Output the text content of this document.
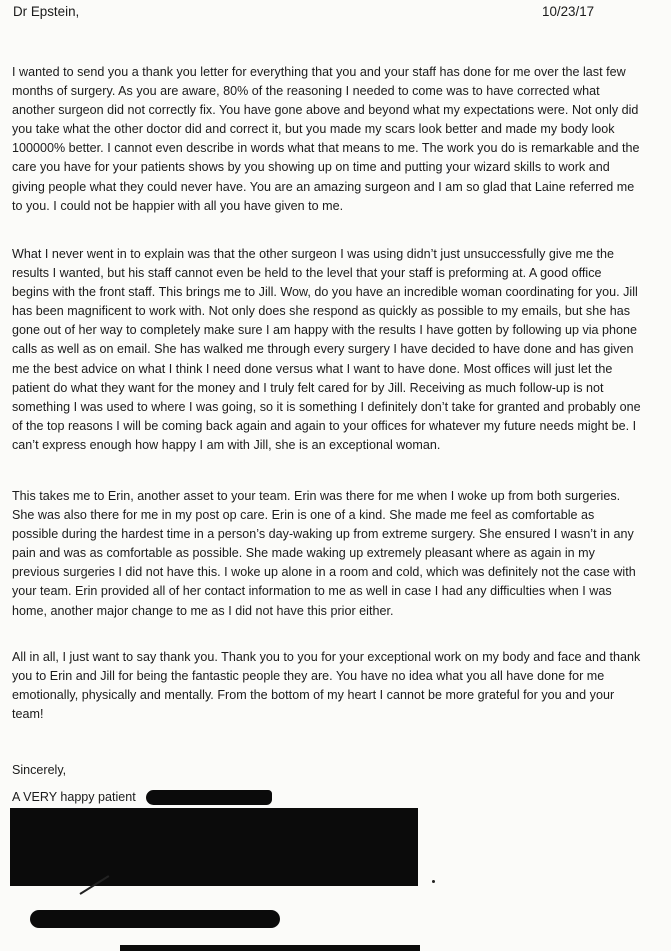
Dr Epstein,	10/23/17
I wanted to send you a thank you letter for everything that you and your staff has done for me over the last few months of surgery. As you are aware, 80% of the reasoning I needed to come was to have corrected what another surgeon did not correctly fix. You have gone above and beyond what my expectations were. Not only did you take what the other doctor did and correct it, but you made my scars look better and made my body look 100000% better. I cannot even describe in words what that means to me. The work you do is remarkable and the care you have for your patients shows by you showing up on time and putting your wizard skills to work and giving people what they could never have. You are an amazing surgeon and I am so glad that Laine referred me to you. I could not be happier with all you have given to me.
What I never went in to explain was that the other surgeon I was using didn’t just unsuccessfully give me the results I wanted, but his staff cannot even be held to the level that your staff is preforming at. A good office begins with the front staff. This brings me to Jill. Wow, do you have an incredible woman coordinating for you. Jill has been magnificent to work with. Not only does she respond as quickly as possible to my emails, but she has gone out of her way to completely make sure I am happy with the results I have gotten by following up via phone calls as well as on email. She has walked me through every surgery I have decided to have done and has given me the best advice on what I think I need done versus what I want to have done. Most offices will just let the patient do what they want for the money and I truly felt cared for by Jill. Receiving as much follow-up is not something I was used to where I was going, so it is something I definitely don’t take for granted and probably one of the top reasons I will be coming back again and again to your offices for whatever my future needs might be. I can’t express enough how happy I am with Jill, she is an exceptional woman.
This takes me to Erin, another asset to your team. Erin was there for me when I woke up from both surgeries. She was also there for me in my post op care. Erin is one of a kind. She made me feel as comfortable as possible during the hardest time in a person’s day-waking up from extreme surgery. She ensured I wasn’t in any pain and was as comfortable as possible. She made waking up extremely pleasant where as again in my previous surgeries I did not have this. I woke up alone in a room and cold, which was definitely not the case with your team. Erin provided all of her contact information to me as well in case I had any difficulties when I was home, another major change to me as I did not have this prior either.
All in all, I just want to say thank you. Thank you to you for your exceptional work on my body and face and thank you to Erin and Jill for being the fantastic people they are. You have no idea what you all have done for me emotionally, physically and mentally. From the bottom of my heart I cannot be more grateful for you and your team!
Sincerely,
A VERY happy patient
